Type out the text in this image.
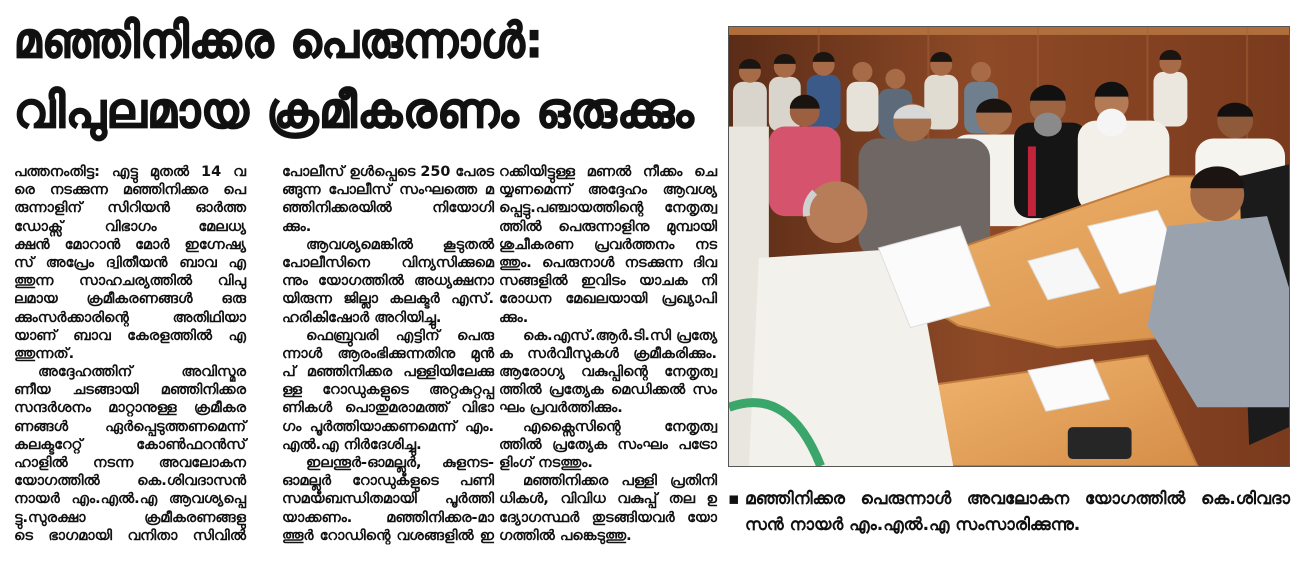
മഞ്ഞിനിക്കര പെരുന്നാൾ:
വിപുലമായ ക്രമീകരണം ഒരുക്കും
പത്തനംതിട്ട: എട്ടു മുതൽ 14 വ
രെ നടക്കുന്ന മഞ്ഞിനിക്കര പെ
രുന്നാളിന് സിറിയൻ ഓർത്ത
ഡോക്സ് വിഭാഗം മേലധ്യ
ക്ഷൻ മോറാൻ മോർ ഇഗ്നേഷ്യ
സ് അപ്രേം ദ്വിതീയൻ ബാവ എ
ത്തുന്ന സാഹചര്യത്തിൽ വിപു
ലമായ ക്രമീകരണങ്ങൾ ഒരു
ക്കുംസർക്കാരിന്റെ അതിഥിയാ
യാണ് ബാവ കേരളത്തിൽ എ
ത്തുന്നത്.
അദ്ദേഹത്തിന് അവിസ്മര
ണീയ ചടങ്ങായി മഞ്ഞിനിക്കര
സന്ദർശനം മാറ്റാനുള്ള ക്രമീകര
ണങ്ങൾ ഏർപ്പെടുത്തണമെന്ന്
കലക്ടറേറ്റ് കോൺഫറൻസ്
ഹാളിൽ നടന്ന അവലോകന
യോഗത്തിൽ കെ.ശിവദാസൻ
നായർ എം.എൽ.എ ആവശ്യപ്പെ
ട്ടു.സുരക്ഷാ ക്രമീകരണങ്ങളു
ടെ ഭാഗമായി വനിതാ സിവിൽ
പോലീസ് ഉൾപ്പെടെ 250 പേരട
ങ്ങുന്ന പോലീസ് സംഘത്തെ മ
ഞ്ഞിനിക്കരയിൽ നിയോഗി
ക്കും.
ആവശ്യമെങ്കിൽ കൂടുതൽ
പോലീസിനെ വിന്യസിക്കുമെ
ന്നും യോഗത്തിൽ അധ്യക്ഷനാ
യിരുന്ന ജില്ലാ കലക്ടർ എസ്.
ഹരികിഷോർ അറിയിച്ചു.
ഫെബ്രുവരി എട്ടിന് പെരു
ന്നാൾ ആരംഭിക്കുന്നതിനു മുൻ
പ് മഞ്ഞിനിക്കര പള്ളിയിലേക്കു
ള്ള റോഡുകളുടെ അറ്റകുറ്റപ്പ
ണികൾ പൊതുമരാമത്ത് വിഭാ
ഗം പൂർത്തിയാക്കണമെന്ന് എം.
എൽ.എ നിർദേശിച്ചു.
ഇലന്തൂർ-ഓമല്ലൂർ, കുളനട-
ഓമല്ലൂർ റോഡുകളുടെ പണി
സമയബന്ധിതമായി പൂർത്തി
യാക്കണം. മഞ്ഞിനിക്കര-മാ
ത്തൂർ റോഡിന്റെ വശങ്ങളിൽ ഇ
റക്കിയിട്ടുള്ള മണൽ നീക്കം ചെ
യ്യണമെന്ന് അദ്ദേഹം ആവശ്യ
പ്പെട്ടു.പഞ്ചായത്തിന്റെ നേതൃത്വ
ത്തിൽ പെരുന്നാളിനു മുമ്പായി
ശുചീകരണ പ്രവർത്തനം നട
ത്തും. പെരുനാൾ നടക്കുന്ന ദിവ
സങ്ങളിൽ ഇവിടം യാചക നി
രോധന മേഖലയായി പ്രഖ്യാപി
ക്കും.
കെ.എസ്.ആർ.ടി.സി പ്രത്യേ
ക സർവീസുകൾ ക്രമീകരിക്കും.
ആരോഗ്യ വകുപ്പിന്റെ നേതൃത്വ
ത്തിൽ പ്രത്യേക മെഡിക്കൽ സം
ഘം പ്രവർത്തിക്കും.
എക്സൈസിന്റെ നേതൃത്വ
ത്തിൽ പ്രത്യേക സംഘം പട്രോ
ളിംഗ് നടത്തും.
മഞ്ഞിനിക്കര പള്ളി പ്രതിനി
ധികൾ, വിവിധ വകുപ്പ് തല ഉ
ദ്യോഗസ്ഥർ തുടങ്ങിയവർ യോ
ഗത്തിൽ പങ്കെടുത്തു.
▪ മഞ്ഞിനിക്കര പെരുന്നാൾ അവലോകന യോഗത്തിൽ കെ.ശിവദാ
സൻ നായർ എം.എൽ.എ സംസാരിക്കുന്നു.
